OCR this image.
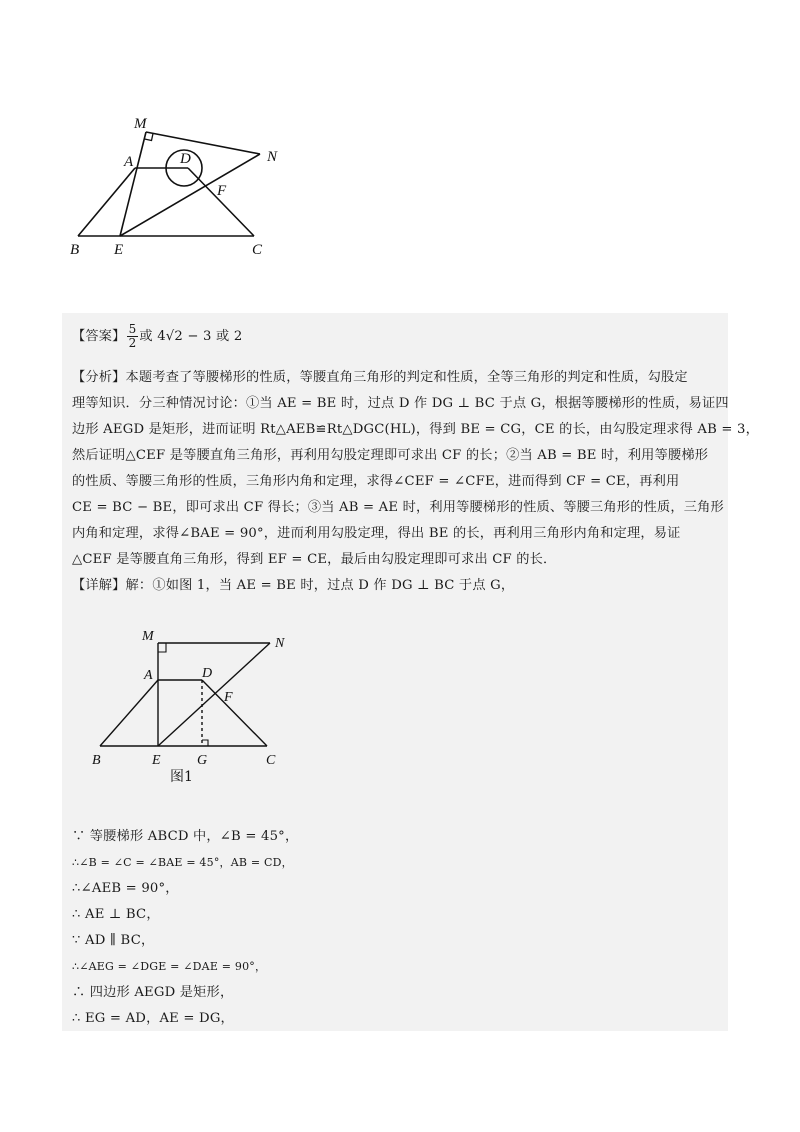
M
A	D	N
F
B E	C
【答案】 $\frac{5}{2}$ 或 4√2 − 3 或 2
【分析】本题考查了等腰梯形的性质，等腰直角三角形的判定和性质，全等三角形的判定和性质，勾股定
理等知识．分三种情况讨论：①当 AE = BE 时，过点 D 作 DG ⊥ BC 于点 G，根据等腰梯形的性质，易证四
边形 AEGD 是矩形，进而证明 Rt△AEB≌Rt△DGC(HL)，得到 BE = CG，CE 的长，由勾股定理求得 AB = 3，
然后证明△CEF 是等腰直角三角形，再利用勾股定理即可求出 CF 的长；②当 AB = BE 时，利用等腰梯形
的性质、等腰三角形的性质，三角形内角和定理，求得∠CEF = ∠CFE，进而得到 CF = CE，再利用
CE = BC − BE，即可求出 CF 得长；③当 AB = AE 时，利用等腰梯形的性质、等腰三角形的性质，三角形
内角和定理，求得∠BAE = 90°，进而利用勾股定理，得出 BE 的长，再利用三角形内角和定理，易证
△CEF 是等腰直角三角形，得到 EF = CE，最后由勾股定理即可求出 CF 的长．
【详解】解：①如图 1，当 AE = BE 时，过点 D 作 DG ⊥ BC 于点 G，
M	N
A	D
F
B	E	G	C
图1
∵ 等腰梯形 ABCD 中，∠B = 45°，
∴∠B = ∠C = ∠BAE = 45°，AB = CD，
∴∠AEB = 90°，
∴ AE ⊥ BC，
∵ AD ∥ BC，
∴∠AEG = ∠DGE = ∠DAE = 90°，
∴ 四边形 AEGD 是矩形，
∴ EG = AD，AE = DG，
